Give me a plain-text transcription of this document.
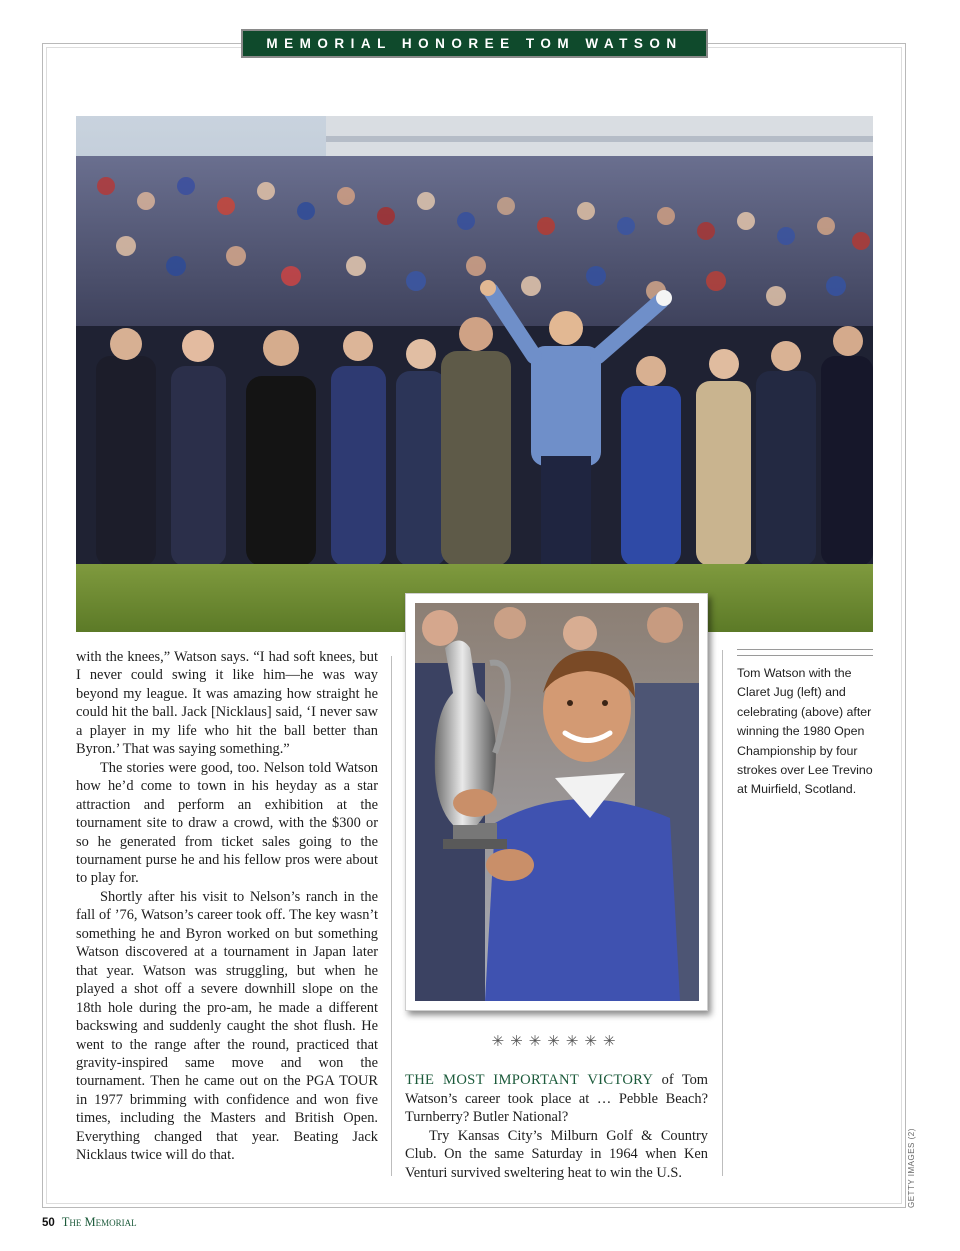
MEMORIAL HONOREE TOM WATSON

with the knees,” Watson says. “I had soft knees, but I never could swing it like him—he was way beyond my league. It was amazing how straight he could hit the ball. Jack [Nicklaus] said, ‘I never saw a player in my life who hit the ball better than Byron.’ That was saying something.”

The stories were good, too. Nelson told Watson how he’d come to town in his heyday as a star attraction and perform an exhibition at the tournament site to draw a crowd, with the $300 or so he generated from ticket sales going to the tournament purse he and his fellow pros were about to play for.

Shortly after his visit to Nelson’s ranch in the fall of ’76, Watson’s career took off. The key wasn’t something he and Byron worked on but something Watson discovered at a tournament in Japan later that year. Watson was struggling, but when he played a shot off a severe downhill slope on the 18th hole during the pro-am, he made a different backswing and suddenly caught the shot flush. He went to the range after the round, practiced that gravity-inspired same move and won the tournament. Then he came out on the PGA TOUR in 1977 brimming with confidence and won five times, including the Masters and British Open. Everything changed that year. Beating Jack Nicklaus twice will do that.

✳✳✳✳✳✳✳

THE MOST IMPORTANT VICTORY of Tom Watson’s career took place at … Pebble Beach? Turnberry? Butler National?

Try Kansas City’s Milburn Golf & Country Club. On the same Saturday in 1964 when Ken Venturi survived sweltering heat to win the U.S.

Tom Watson with the Claret Jug (left) and celebrating (above) after winning the 1980 Open Championship by four strokes over Lee Trevino at Muirfield, Scotland.
GETTY IMAGES (2)
50 The Memorial
